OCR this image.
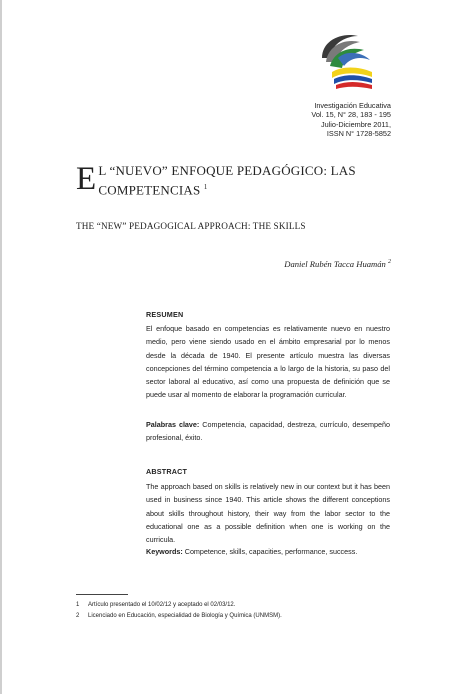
Investigación Educativa
Vol. 15, N° 28, 183 - 195
Julio-Diciembre 2011,
ISSN N° 1728-5852
E L “NUEVO” ENFOQUE PEDAGÓGICO: LAS COMPETENCIAS $^1$
THE “NEW” PEDAGOGICAL APPROACH: THE SKILLS
Daniel Rubén Tacca Huamán $^2$
RESUMEN
El enfoque basado en competencias es relativamente nuevo en nuestro medio, pero viene siendo usado en el ámbito empresarial por lo menos desde la década de 1940. El presente artículo muestra las diversas concepciones del término competencia a lo largo de la historia, su paso del sector laboral al educativo, así como una propuesta de definición que se puede usar al momento de elaborar la programación curricular.
Palabras clave: Competencia, capacidad, destreza, currículo, desempeño profesional, éxito.
ABSTRACT
The approach based on skills is relatively new in our context but it has been used in business since 1940. This article shows the different conceptions about skills throughout history, their way from the labor sector to the educational one as a possible definition when one is working on the curricula.
Keywords: Competence, skills, capacities, performance, success.
1	Artículo presentado el 10/02/12 y aceptado el 02/03/12.
2	Licenciado en Educación, especialidad de Biología y Química (UNMSM).
